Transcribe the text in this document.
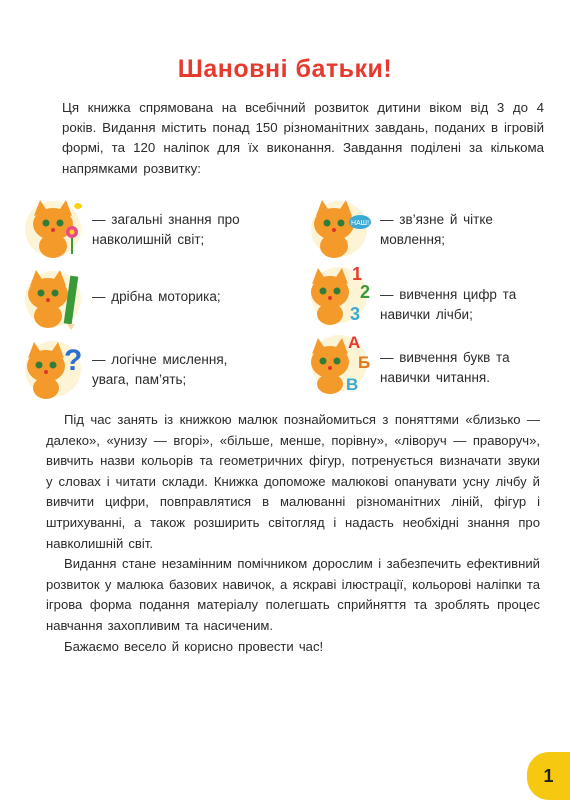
Шановні батьки!
Ця книжка спрямована на всебічний розвиток дитини віком від 3 до 4 років. Видання містить понад 150 різноманітних завдань, поданих в ігровій формі, та 120 наліпок для їх виконання. Завдання поділені за кількома напрямками розвитку:
— загальні знання про
навколишній світ;
НАШ! — зв’язне й чітке
мовлення;
— дрібна моторика;
1
2
3
— вивчення цифр та
навички лічби;
? — логічне мислення,
увага, пам’ять;
А
Б
В
— вивчення букв та
навички читання.

Під час занять із книжкою малюк познайомиться з поняттями «близько — далеко», «унизу — вгорі», «більше, менше, порівну», «ліворуч — праворуч», вивчить назви кольорів та геометричних фігур, потренується визначати звуки у словах і читати склади. Книжка допоможе малюкові опанувати усну лічбу й вивчити цифри, повправлятися в малюванні різноманітних ліній, фігур і штрихуванні, а також розширить світогляд і надасть необхідні знання про навколишній світ.

Видання стане незамінним помічником дорослим і забезпечить ефективний розвиток у малюка базових навичок, а яскраві ілюстрації, кольорові наліпки та ігрова форма подання матеріалу полегшать сприйняття та зроблять процес навчання захопливим та насиченим.

Бажаємо весело й корисно провести час!

1
